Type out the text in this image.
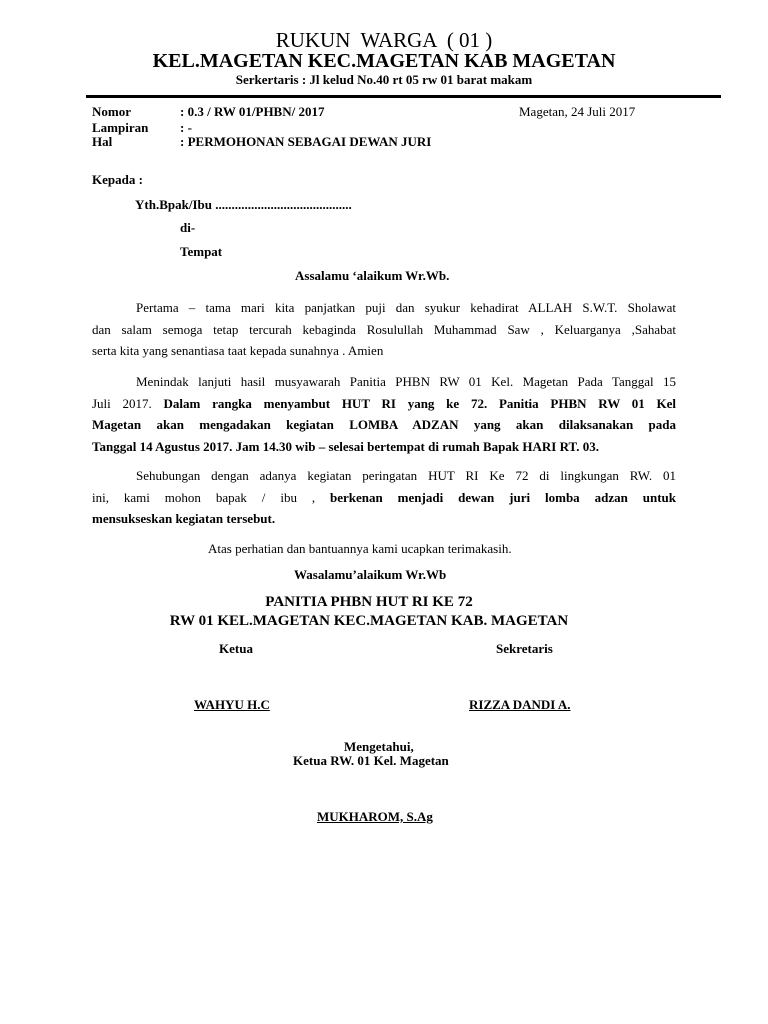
RUKUN  WARGA  ( 01 )
KEL.MAGETAN KEC.MAGETAN KAB MAGETAN
Serkertaris : Jl kelud No.40 rt 05 rw 01 barat makam
Nomor	: 0.3 / RW 01/PHBN/ 2017	Magetan, 24 Juli 2017
Lampiran : -
Hal	: PERMOHONAN SEBAGAI DEWAN JURI
Kepada :
Yth.Bpak/Ibu ..........................................
di-
Tempat
Assalamu ‘alaikum Wr.Wb.
Pertama – tama mari kita panjatkan puji dan syukur kehadirat ALLAH S.W.T. Sholawat
dan salam semoga tetap tercurah kebaginda Rosulullah Muhammad Saw , Keluarganya ,Sahabat
serta kita yang senantiasa taat kepada sunahnya . Amien
Menindak lanjuti hasil musyawarah Panitia PHBN RW 01 Kel. Magetan Pada Tanggal 15
Juli 2017. Dalam rangka menyambut HUT RI yang ke 72. Panitia PHBN RW 01 Kel
Magetan akan mengadakan kegiatan LOMBA ADZAN yang akan dilaksanakan pada
Tanggal 14 Agustus 2017. Jam 14.30 wib – selesai bertempat di rumah Bapak HARI RT. 03.
Sehubungan dengan adanya kegiatan peringatan HUT RI Ke 72 di lingkungan RW. 01
ini, kami mohon bapak / ibu , berkenan menjadi dewan juri lomba adzan untuk
mensukseskan kegiatan tersebut.
Atas perhatian dan bantuannya kami ucapkan terimakasih.
Wasalamu’alaikum Wr.Wb
PANITIA PHBN HUT RI KE 72
RW 01 KEL.MAGETAN KEC.MAGETAN KAB. MAGETAN
Ketua	Sekretaris
WAHYU H.C	RIZZA DANDI A.
Mengetahui,
Ketua RW. 01 Kel. Magetan
MUKHAROM, S.Ag
